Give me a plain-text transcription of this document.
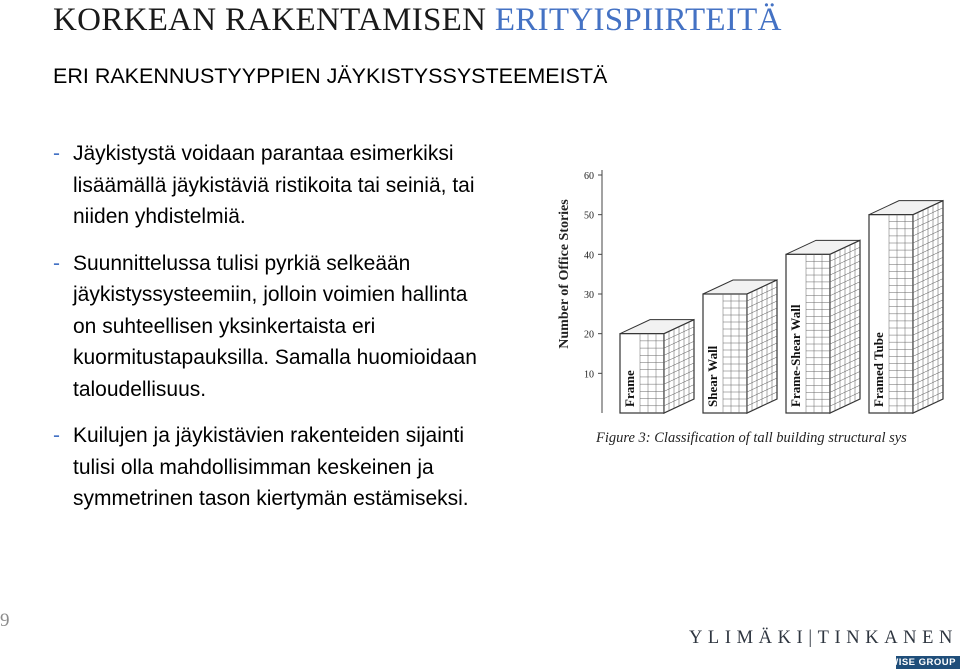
KORKEAN RAKENTAMISEN ERITYISPIIRTEITÄ
ERI RAKENNUSTYYPPIEN JÄYKISTYSSYSTEEMEISTÄ
- Jäykistystä voidaan parantaa esimerkiksi
lisäämällä jäykistäviä ristikoita tai seiniä, tai
niiden yhdistelmiä.
- Suunnittelussa tulisi pyrkiä selkeään
jäykistyssysteemiin, jolloin voimien hallinta
on suhteellisen yksinkertaista eri
kuormitustapauksilla. Samalla huomioidaan
taloudellisuus.
- Kuilujen ja jäykistävien rakenteiden sijainti
tulisi olla mahdollisimman keskeinen ja
symmetrinen tason kiertymän estämiseksi.
60
50
40
30
20
10
Number of Office Stories
Frame	Shear Wall	Frame-Shear Wall	Framed Tube
Figure 3: Classification of tall building structural sys
9
YLIMÄKI|TINKANEN
WISE GROUP
